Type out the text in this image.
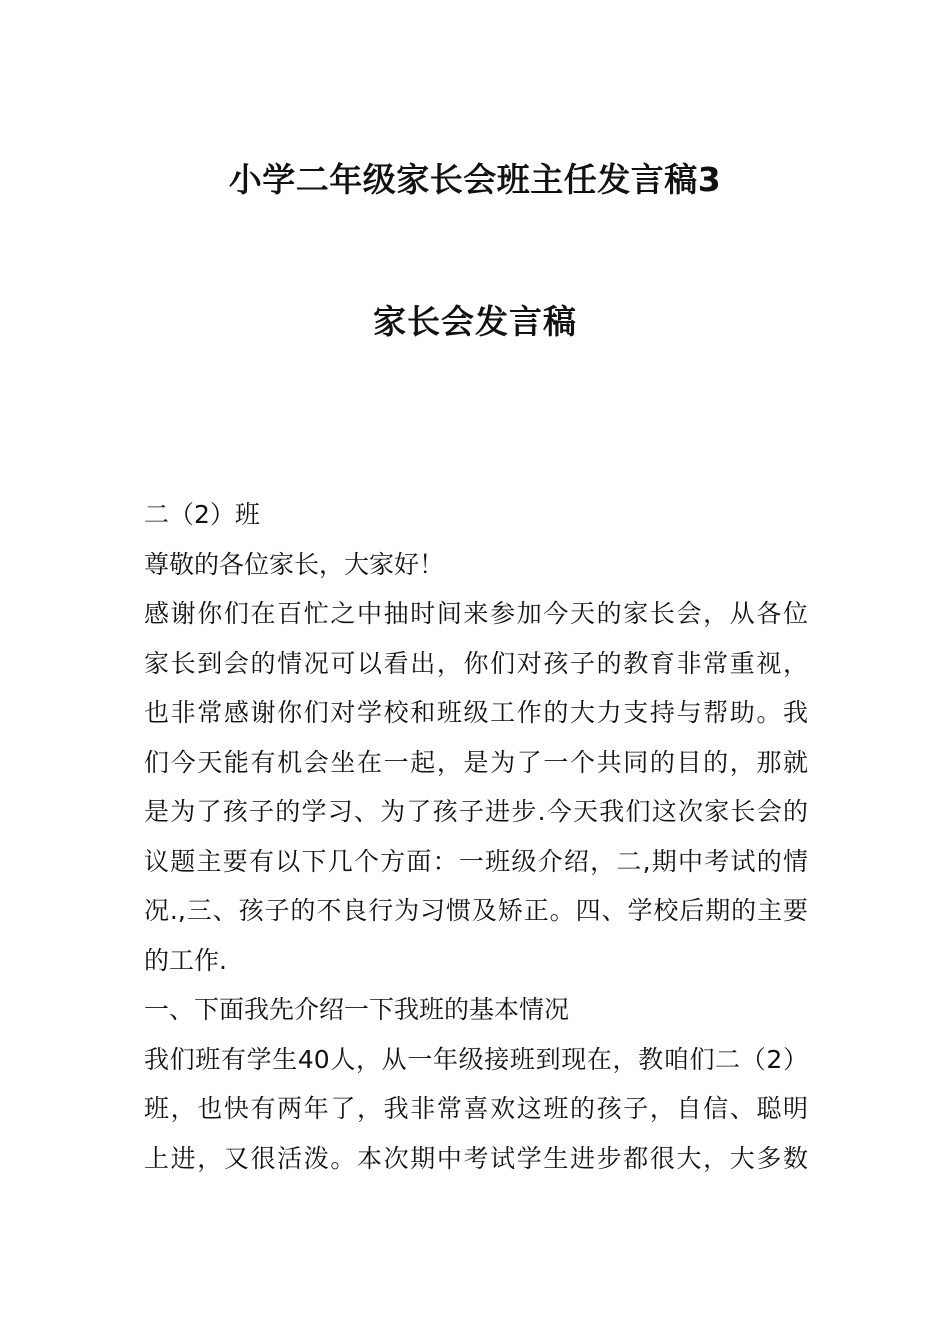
小学二年级家长会班主任发言稿3
家长会发言稿
二（2）班
尊敬的各位家长，大家好！
感谢你们在百忙之中抽时间来参加今天的家长会，从各位
家长到会的情况可以看出，你们对孩子的教育非常重视，
也非常感谢你们对学校和班级工作的大力支持与帮助。我
们今天能有机会坐在一起，是为了一个共同的目的，那就
是为了孩子的学习、为了孩子进步.今天我们这次家长会的
议题主要有以下几个方面：一班级介绍，二,期中考试的情
况.,三、孩子的不良行为习惯及矫正。四、学校后期的主要
的工作.
一、下面我先介绍一下我班的基本情况
我们班有学生40人，从一年级接班到现在，教咱们二（2）
班，也快有两年了，我非常喜欢这班的孩子，自信、聪明
上进，又很活泼。本次期中考试学生进步都很大，大多数
